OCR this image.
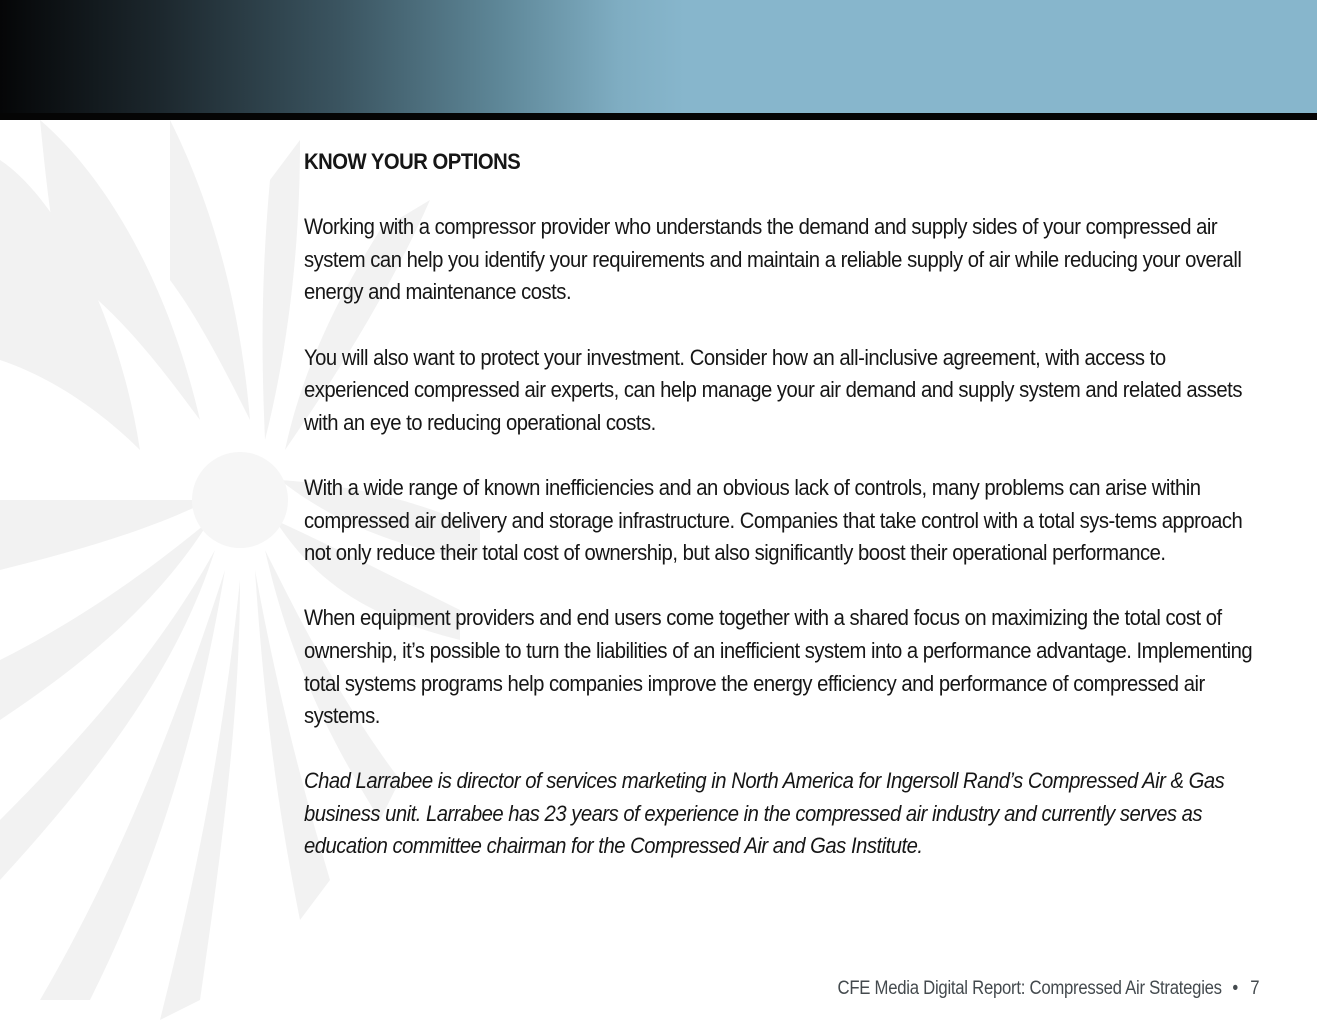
KNOW YOUR OPTIONS

Working with a compressor provider who understands the demand and supply sides of your compressed air system can help you identify your requirements and maintain a reliable supply of air while reducing your overall energy and maintenance costs.

You will also want to protect your investment. Consider how an all-inclusive agreement, with access to experienced compressed air experts, can help manage your air demand and supply system and related assets with an eye to reducing operational costs.

With a wide range of known inefficiencies and an obvious lack of controls, many problems can arise within compressed air delivery and storage infrastructure. Companies that take control with a total sys-tems approach not only reduce their total cost of ownership, but also significantly boost their operational performance.

When equipment providers and end users come together with a shared focus on maximizing the total cost of ownership, it’s possible to turn the liabilities of an inefficient system into a performance advantage. Implementing total systems programs help companies improve the energy efficiency and performance of compressed air systems.

Chad Larrabee is director of services marketing in North America for Ingersoll Rand’s Compressed Air & Gas business unit. Larrabee has 23 years of experience in the compressed air industry and currently serves as education committee chairman for the Compressed Air and Gas Institute.

CFE Media Digital Report: Compressed Air Strategies • 7
